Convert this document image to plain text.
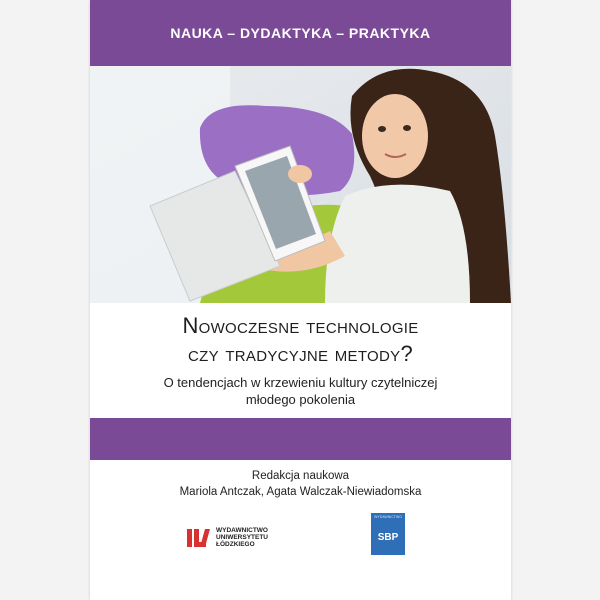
NAUKA – DYDAKTYKA – PRAKTYKA
Nowoczesne technologie
czy tradycyjne metody?
O tendencjach w krzewieniu kultury czytelniczej
młodego pokolenia
Redakcja naukowa
Mariola Antczak, Agata Walczak-Niewiadomska
WYDAWNICTWO
UNIWERSYTETU
ŁÓDZKIEGO
WYDAWNICTWO
SBP
